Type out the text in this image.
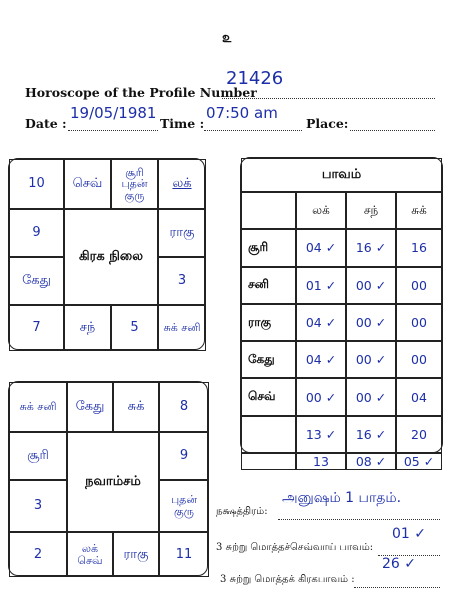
௨
Horoscope of the Profile Number
21426
Date :
19/05/1981
Time :
07:50 am
Place:
10	செவ்
சூரி புதன் குரு
லக்
9
கிரக நிலை
ராகு
கேது	3
7	சந்	5	சுக் சனி
சுக் சனி	கேது	சுக்	8
சூரி
நவாம்சம்
9
3	புதன் குரு
2	லக் செவ்	ராகு	11
பாவம்
லக்	சந்	சுக்
சூரி	04 ✓	16 ✓	16
சனி	01 ✓	00 ✓	00
ராகு	04 ✓	00 ✓	00
கேது	04 ✓	00 ✓	00
செவ்	00 ✓	00 ✓	04
13 ✓	16 ✓	20
13	08 ✓	05 ✓
நக்ஷத்திரம்:
அனுஷம் 1 பாதம்.
3 சுற்று மொத்தச்செவ்வாய் பாவம்:
01 ✓
3 சுற்று மொத்தக் கிரகபாவம் :
26 ✓
